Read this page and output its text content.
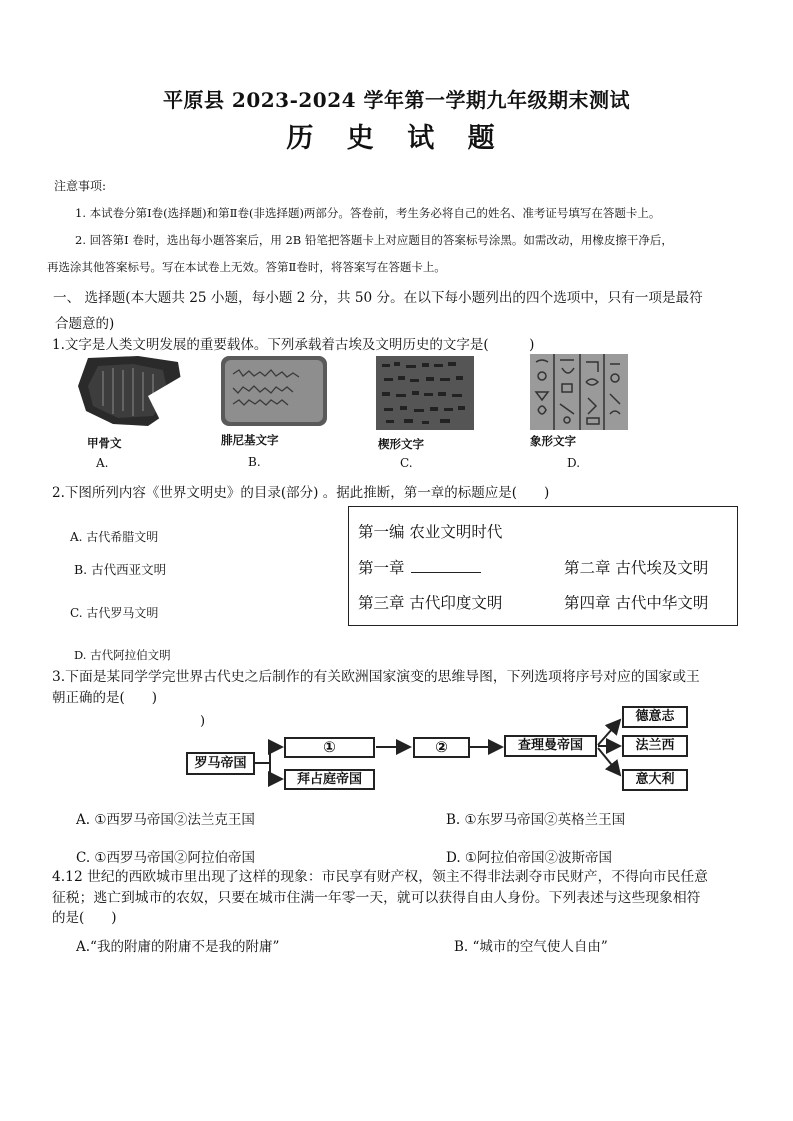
平原县 2023-2024 学年第一学期九年级期末测试
历 史 试 题
注意事项:
1. 本试卷分第Ⅰ卷(选择题)和第Ⅱ卷(非选择题)两部分。答卷前，考生务必将自己的姓名、准考证号填写在答题卡上。
2. 回答第Ⅰ 卷时，选出每小题答案后，用 2B 铅笔把答题卡上对应题目的答案标号涂黑。如需改动，用橡皮擦干净后，
再选涂其他答案标号。写在本试卷上无效。答第Ⅱ卷时，将答案写在答题卡上。
一、 选择题(本大题共 25 小题，每小题 2 分，共 50 分。在以下每小题列出的四个选项中，只有一项是最符
合题意的)
1.文字是人类文明发展的重要载体。下列承载着古埃及文明历史的文字是(　　　)
甲骨文	腓尼基文字	楔形文字	象形文字
A.	B.	C.	D.
2.下图所列内容《世界文明史》的目录(部分) 。据此推断，第一章的标题应是(　　)
A. 古代希腊文明
B. 古代西亚文明
C. 古代罗马文明
D. 古代阿拉伯文明
第一编 农业文明时代
第一章	第二章 古代埃及文明
第三章 古代印度文明	第四章 古代中华文明
3.下面是某同学学完世界古代史之后制作的有关欧洲国家演变的思维导图，下列选项将序号对应的国家或王
朝正确的是(　　)
)
罗马帝国
①
拜占庭帝国
②	查理曼帝国
德意志
法兰西
意大利
A. ①西罗马帝国②法兰克王国	B. ①东罗马帝国②英格兰王国
C. ①西罗马帝国②阿拉伯帝国	D. ①阿拉伯帝国②波斯帝国
4.12 世纪的西欧城市里出现了这样的现象：市民享有财产权，领主不得非法剥夺市民财产，不得向市民任意
征税；逃亡到城市的农奴，只要在城市住满一年零一天，就可以获得自由人身份。下列表述与这些现象相符
的是(　　)
A.“我的附庸的附庸不是我的附庸”	B. “城市的空气使人自由”
